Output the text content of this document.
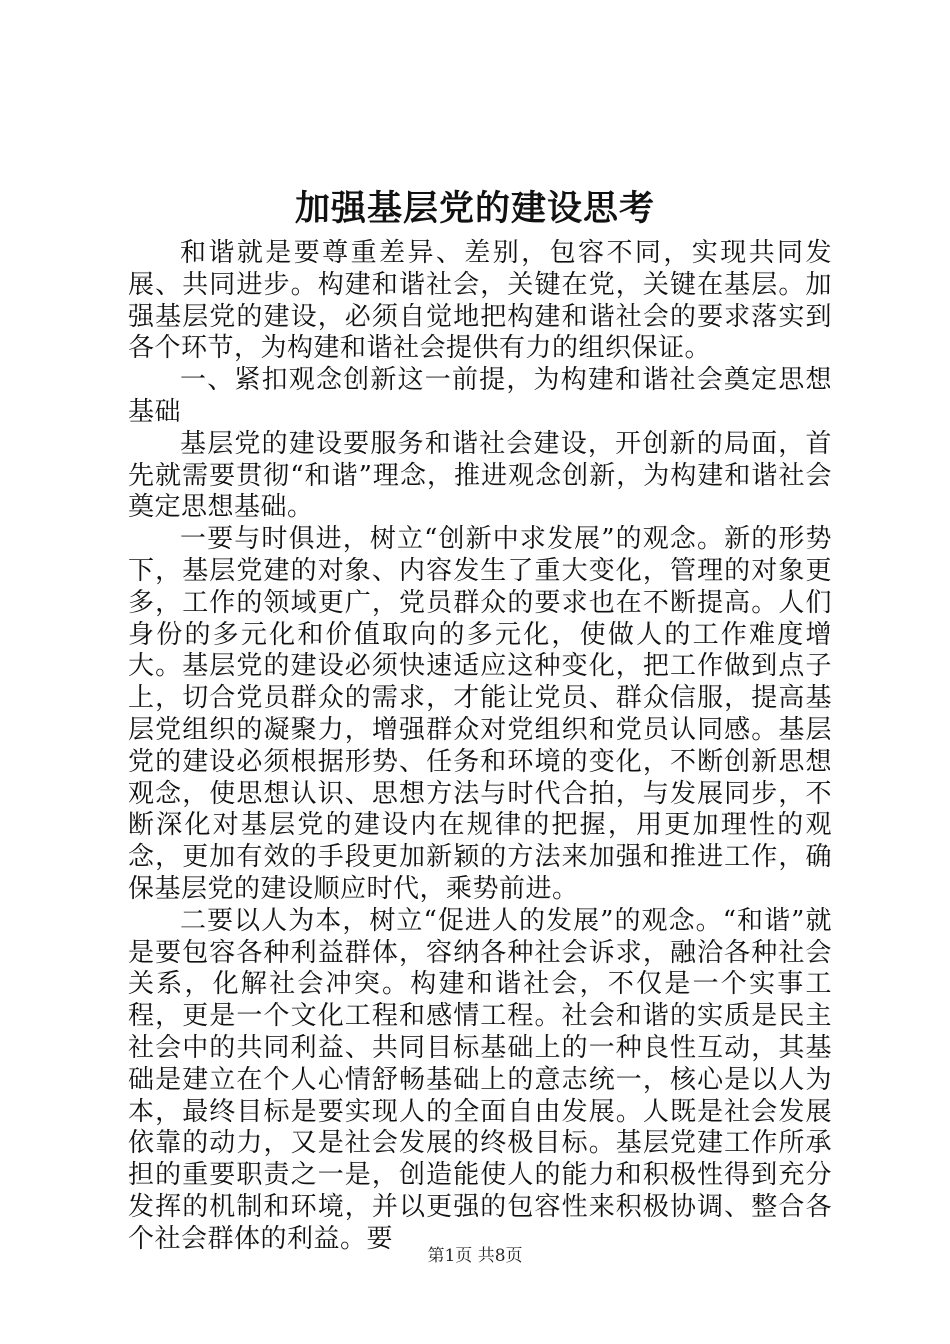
加强基层党的建设思考

和谐就是要尊重差异、差别，包容不同，实现共同发展、共同进步。构建和谐社会，关键在党，关键在基层。加强基层党的建设，必须自觉地把构建和谐社会的要求落实到各个环节，为构建和谐社会提供有力的组织保证。

一、紧扣观念创新这一前提，为构建和谐社会奠定思想基础

基层党的建设要服务和谐社会建设，开创新的局面，首先就需要贯彻“和谐”理念，推进观念创新，为构建和谐社会奠定思想基础。

一要与时俱进，树立“创新中求发展”的观念。新的形势下，基层党建的对象、内容发生了重大变化，管理的对象更多，工作的领域更广，党员群众的要求也在不断提高。人们身份的多元化和价值取向的多元化，使做人的工作难度增大。基层党的建设必须快速适应这种变化，把工作做到点子上，切合党员群众的需求，才能让党员、群众信服，提高基层党组织的凝聚力，增强群众对党组织和党员认同感。基层党的建设必须根据形势、任务和环境的变化，不断创新思想观念，使思想认识、思想方法与时代合拍，与发展同步，不断深化对基层党的建设内在规律的把握，用更加理性的观念，更加有效的手段更加新颖的方法来加强和推进工作，确保基层党的建设顺应时代，乘势前进。

二要以人为本，树立“促进人的发展”的观念。“和谐”就是要包容各种利益群体，容纳各种社会诉求，融洽各种社会关系，化解社会冲突。构建和谐社会，不仅是一个实事工程，更是一个文化工程和感情工程。社会和谐的实质是民主社会中的共同利益、共同目标基础上的一种良性互动，其基础是建立在个人心情舒畅基础上的意志统一，核心是以人为本，最终目标是要实现人的全面自由发展。人既是社会发展依靠的动力，又是社会发展的终极目标。基层党建工作所承担的重要职责之一是，创造能使人的能力和积极性得到充分发挥的机制和环境，并以更强的包容性来积极协调、整合各个社会群体的利益。要

第1页 共8页
